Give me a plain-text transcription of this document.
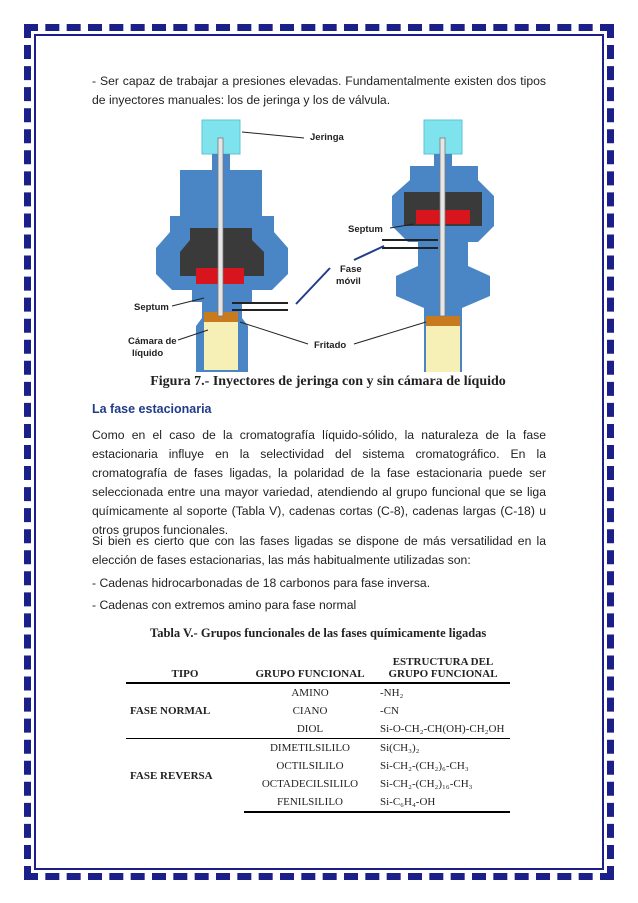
- Ser capaz de trabajar a presiones elevadas. Fundamentalmente existen dos tipos de inyectores manuales: los de jeringa y los de válvula.

Jeringa
Septum
Cámara de
líquido
Septum
Fase
móvil
Fritado
Figura 7.- Inyectores de jeringa con y sin cámara de líquido

La fase estacionaria

Como en el caso de la cromatografía líquido-sólido, la naturaleza de la fase estacionaria influye en la selectividad del sistema cromatográfico. En la cromatografía de fases ligadas, la polaridad de la fase estacionaria puede ser seleccionada entre una mayor variedad, atendiendo al grupo funcional que se liga químicamente al soporte (Tabla V), cadenas cortas (C-8), cadenas largas (C-18) u otros grupos funcionales.

Si bien es cierto que con las fases ligadas se dispone de más versatilidad en la elección de fases estacionarias, las más habitualmente utilizadas son:

- Cadenas hidrocarbonadas de 18 carbonos para fase inversa.

- Cadenas con extremos amino para fase normal

Tabla V.- Grupos funcionales de las fases químicamente ligadas
TIPO	GRUPO FUNCIONAL	ESTRUCTURA DEL
GRUPO FUNCIONAL
FASE NORMAL	AMINO	-NH₂
	CIANO	-CN
	DIOL	Si-O-CH₂-CH(OH)-CH₂OH
FASE REVERSA	DIMETILSILILO	Si(CH₃)₂
	OCTILSILILO	Si-CH₂-(CH₂)₆-CH₃
	OCTADECILSILILO	Si-CH₂-(CH₂)₁₆-CH₃
	FENILSILILO	Si-C₆H₄-OH
